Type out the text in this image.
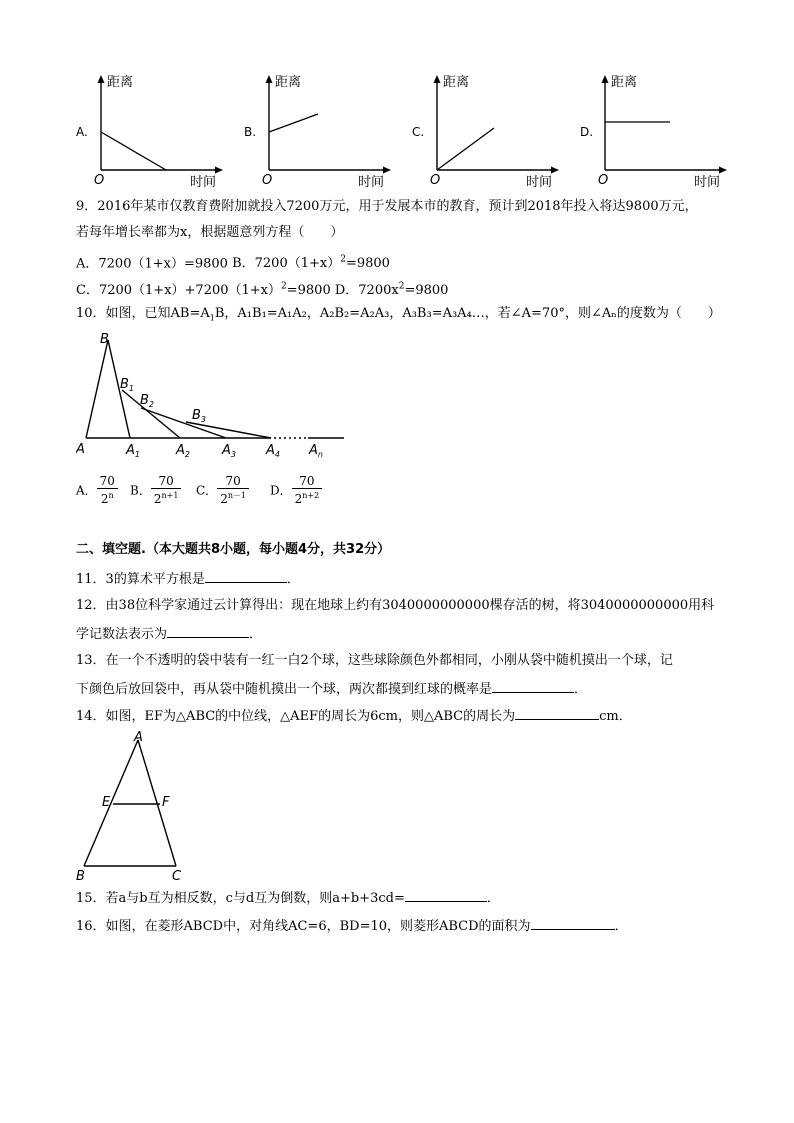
A.
距离
时间
O
B.
距离
时间
O
C.
距离
时间
O
D.
距离
时间
O
9．2016年某市仅教育费附加就投入7200万元，用于发展本市的教育，预计到2018年投入将达9800万元，
若每年增长率都为x，根据题意列方程（　　）
A．7200（1+x）=9800 B．$7200(1+x)^2=9800$
C．$7200(1+x)+7200(1+x)^2=9800$ D．$7200x^2=9800$
10．如图，已知$AB=A_1B$，A₁B₁=A₁A₂，A₂B₂=A₂A₃，A₃B₃=A₃A₄…，若∠A=70°，则∠Aₙ的度数为（　　）
B
$B_1$
$B_2$
$B_3$
A	$A_1$	$A_2$ $A_3$ $A_4$ $A_n$
A． $\frac{70}{2^n}$ B． $\frac{70}{2^{n+1}}$ C． $\frac{70}{2^{n-1}}$ D． $\frac{70}{2^{n+2}}$
二、填空题.（本大题共8小题，每小题4分，共32分）
11．3的算术平方根是	．
12．由38位科学家通过云计算得出：现在地球上约有3040000000000棵存活的树，将3040000000000用科
学记数法表示为	．
13．在一个不透明的袋中装有一红一白2个球，这些球除颜色外都相同，小刚从袋中随机摸出一个球，记
下颜色后放回袋中，再从袋中随机摸出一个球，两次都摸到红球的概率是	．
14．如图，EF为△ABC的中位线，△AEF的周长为6cm，则△ABC的周长为	cm．
A
E	F
B	C
15．若a与b互为相反数，c与d互为倒数，则a+b+3cd=	．
16．如图，在菱形ABCD中，对角线AC=6，BD=10，则菱形ABCD的面积为	．
